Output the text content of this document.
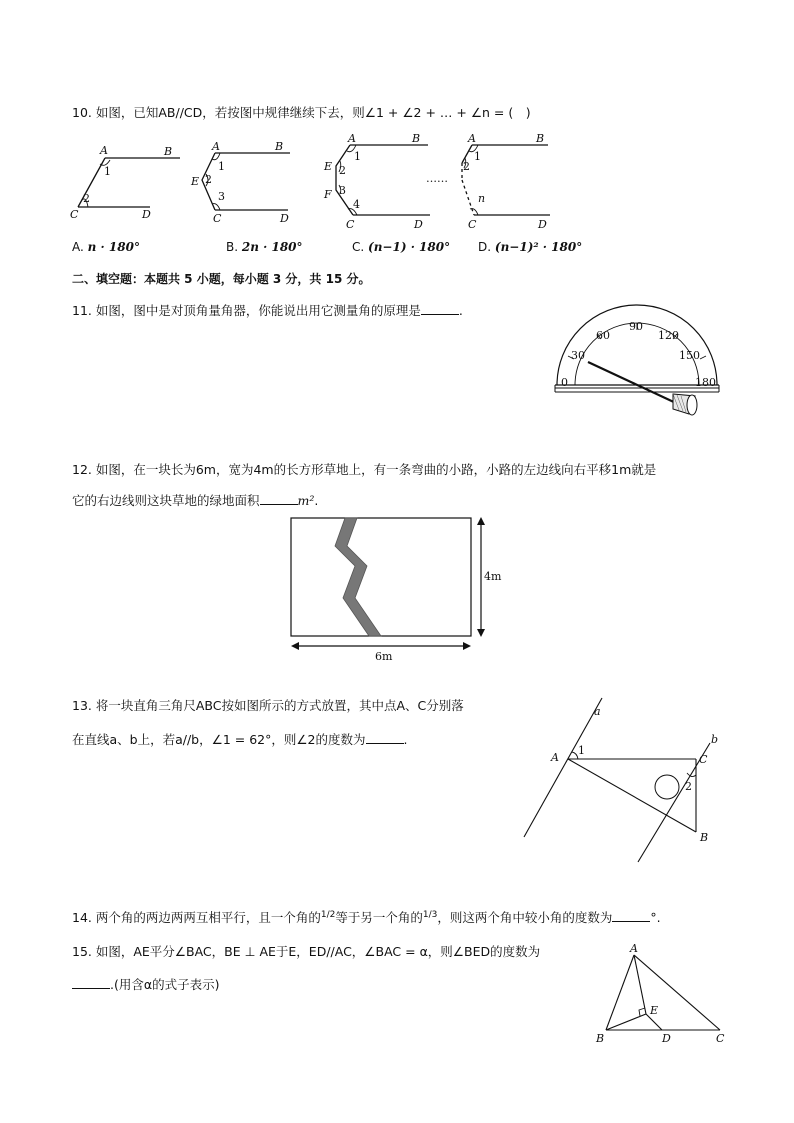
10. 如图，已知AB//CD，若按图中规律继续下去，则∠1 + ∠2 + … + ∠n = (　)
A	B
C	D
1
2
A	B
E
C	D
1
2
3
A	B
E
F
C	D
1
2
3
4
……
A	B
C	D
1
2
n
A. n · 180°	B. 2n · 180°	C. (n−1) · 180° D. (n−1)² · 180°
二、填空题：本题共 5 小题，每小题 3 分，共 15 分。
11. 如图，图中是对顶角量角器，你能说出用它测量角的原理是	.
0
30
60
90
120
150
180
12. 如图，在一块长为6m，宽为4m的长方形草地上，有一条弯曲的小路，小路的左边线向右平移1m就是
它的右边线则这块草地的绿地面积	m².
4m
6m
13. 将一块直角三角尺ABC按如图所示的方式放置，其中点A、C分别落
在直线a、b上，若a//b，∠1 = 62°，则∠2的度数为	.
a
b
A	C
B
1
2
14. 两个角的两边两两互相平行，且一个角的$^{1/2}$等于另一个角的$^{1/3}$，则这两个角中较小角的度数为	°.
15. 如图，AE平分∠BAC，BE ⊥ AE于E，ED//AC，∠BAC = α，则∠BED的度数为
.(用含α的式子表示)
A
B	C
D
E
